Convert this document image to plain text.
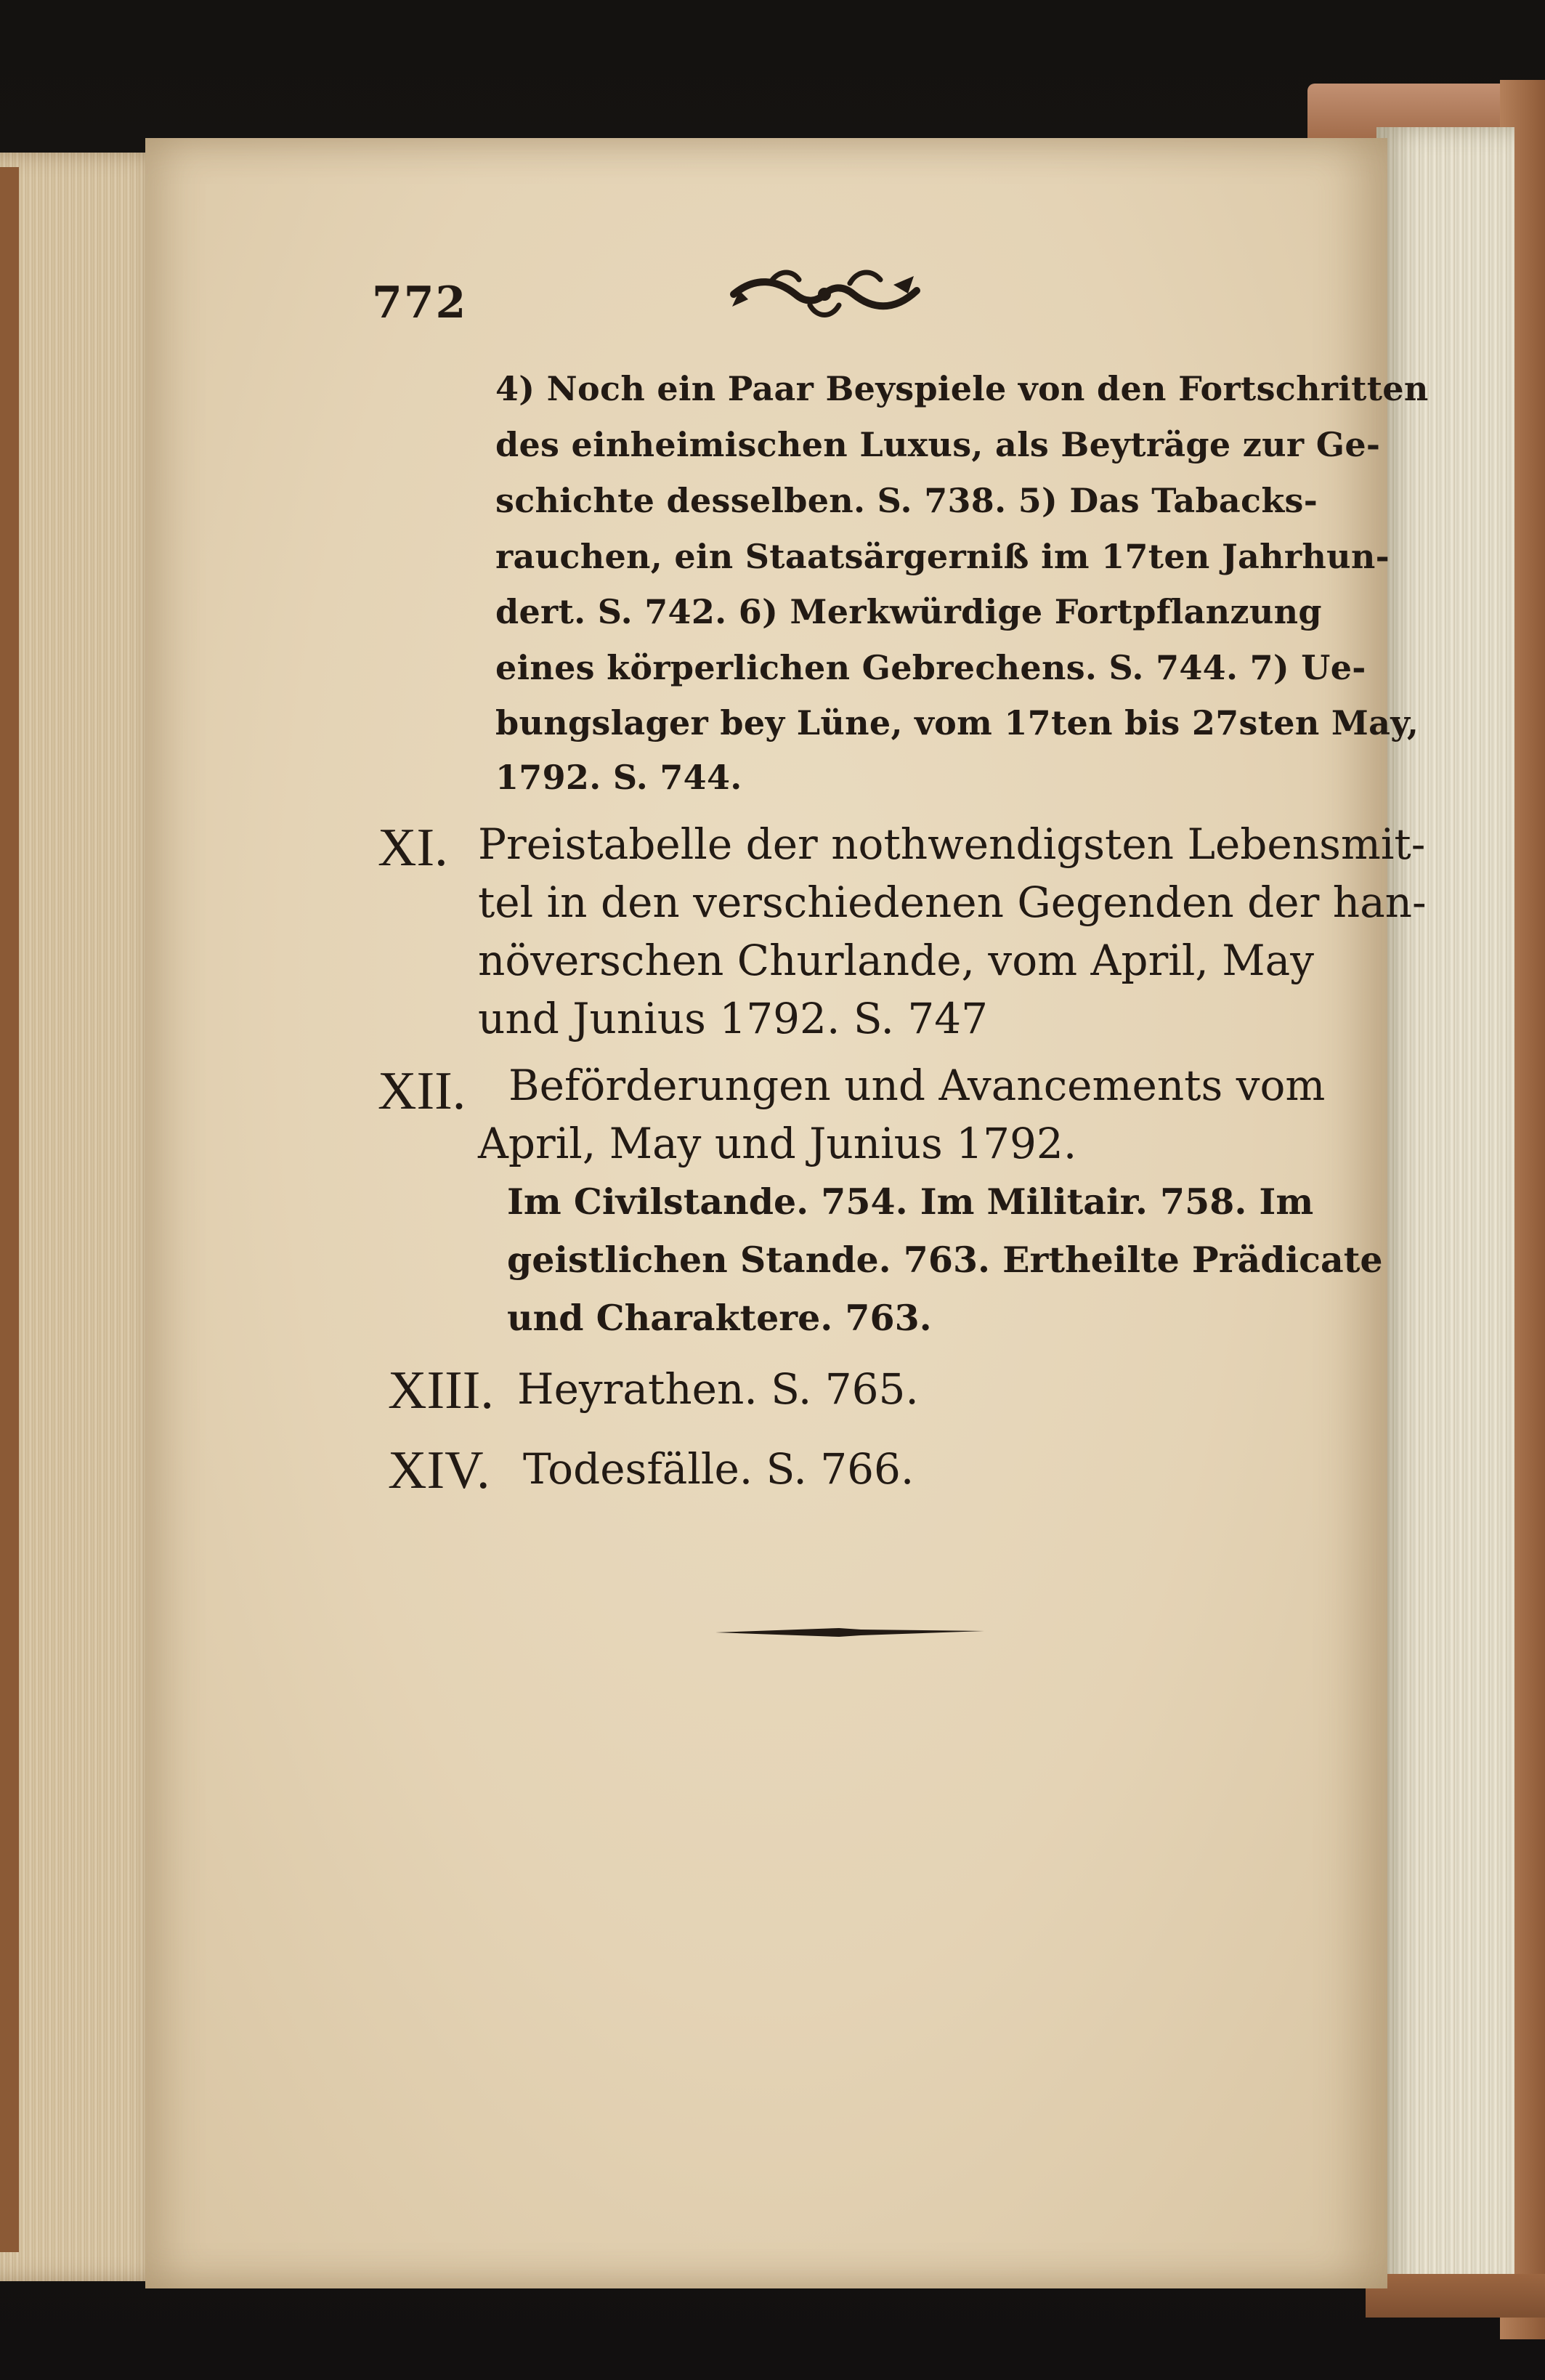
772
4) Noch ein Paar Beyspiele von den Fortschritten
des einheimischen Luxus, als Beyträge zur Ge-
schichte desselben. S. 738. 5) Das Tabacks-
rauchen, ein Staatsärgerniß im 17ten Jahrhun-
dert. S. 742. 6) Merkwürdige Fortpflanzung
eines körperlichen Gebrechens. S. 744. 7) Ue-
bungslager bey Lüne, vom 17ten bis 27sten May,
1792. S. 744.
XI. Preistabelle der nothwendigsten Lebensmit-
tel in den verschiedenen Gegenden der han-
növerschen Churlande, vom April, May
und Junius 1792. S. 747
XII. Beförderungen und Avancements vom
April, May und Junius 1792.
Im Civilstande. 754. Im Militair. 758. Im
geistlichen Stande. 763. Ertheilte Prädicate
und Charaktere. 763.
XIII. Heyrathen. S. 765.
XIV. Todesfälle. S. 766.
